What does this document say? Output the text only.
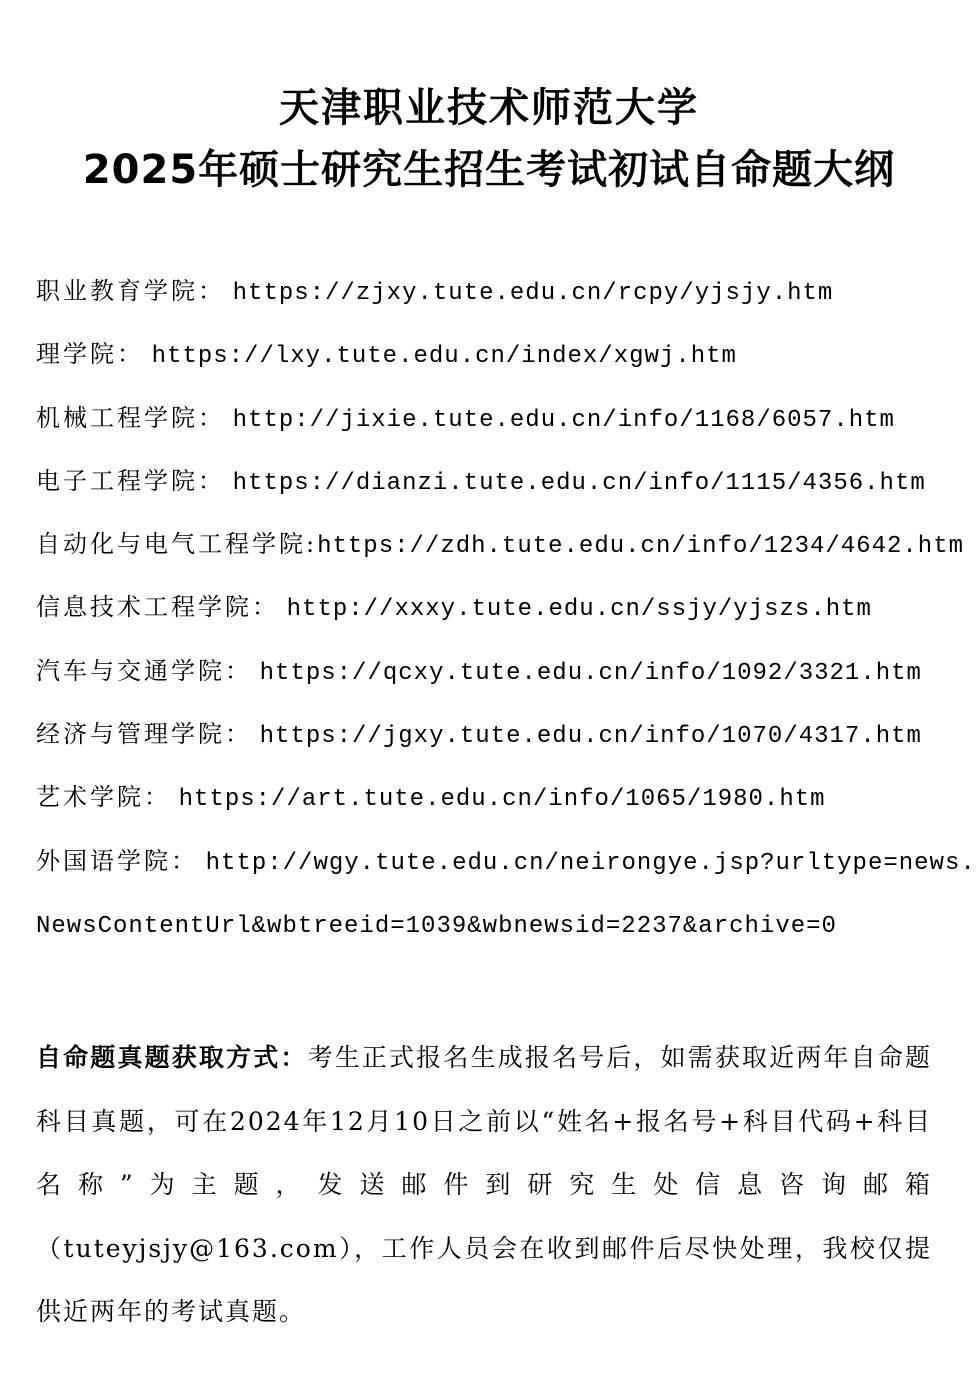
天津职业技术师范大学
2025年硕士研究生招生考试初试自命题大纲
职业教育学院： https://zjxy.tute.edu.cn/rcpy/yjsjy.htm
理学院： https://lxy.tute.edu.cn/index/xgwj.htm
机械工程学院： http://jixie.tute.edu.cn/info/1168/6057.htm
电子工程学院： https://dianzi.tute.edu.cn/info/1115/4356.htm
自动化与电气工程学院:https://zdh.tute.edu.cn/info/1234/4642.htm
信息技术工程学院： http://xxxy.tute.edu.cn/ssjy/yjszs.htm
汽车与交通学院： https://qcxy.tute.edu.cn/info/1092/3321.htm
经济与管理学院： https://jgxy.tute.edu.cn/info/1070/4317.htm
艺术学院： https://art.tute.edu.cn/info/1065/1980.htm
外国语学院： http://wgy.tute.edu.cn/neirongye.jsp?urltype=news.
NewsContentUrl&wbtreeid=1039&wbnewsid=2237&archive=0
自命题真题获取方式：考生正式报名生成报名号后，如需获取近两年自命题科目真题，可在2024年12月10日之前以“姓名+报名号+科目代码+科目名称”为主题，发送邮件到研究生处信息咨询邮箱（tuteyjsjy@163.com），工作人员会在收到邮件后尽快处理，我校仅提供近两年的考试真题。
